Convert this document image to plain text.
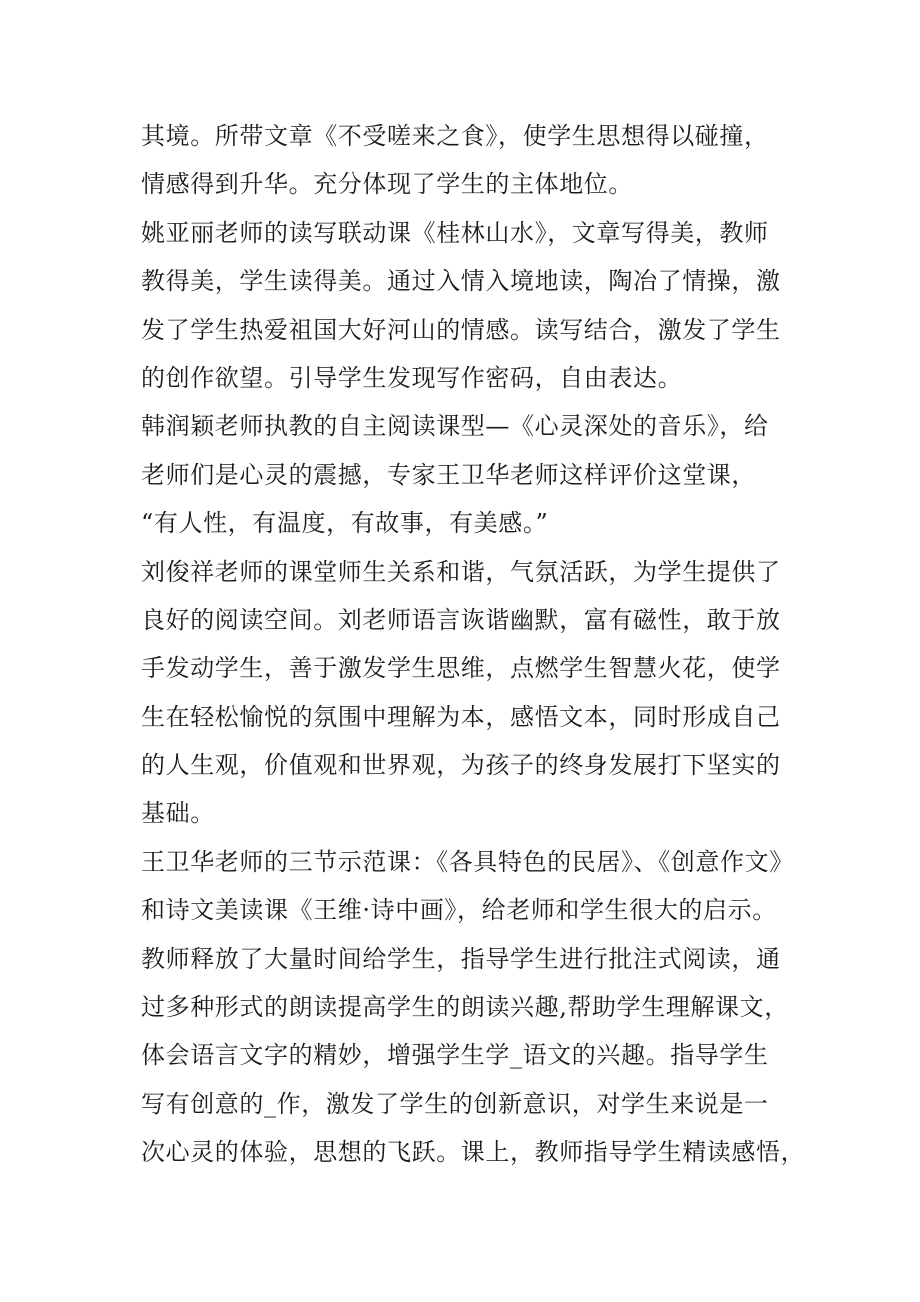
其境。所带文章《不受嗟来之食》，使学生思想得以碰撞，
情感得到升华。充分体现了学生的主体地位。
姚亚丽老师的读写联动课《桂林山水》，文章写得美，教师
教得美，学生读得美。通过入情入境地读，陶冶了情操，激
发了学生热爱祖国大好河山的情感。读写结合，激发了学生
的创作欲望。引导学生发现写作密码，自由表达。
韩润颖老师执教的自主阅读课型—《心灵深处的音乐》，给
老师们是心灵的震撼，专家王卫华老师这样评价这堂课，
“有人性，有温度，有故事，有美感。”
刘俊祥老师的课堂师生关系和谐，气氛活跃，为学生提供了
良好的阅读空间。刘老师语言诙谐幽默，富有磁性，敢于放
手发动学生，善于激发学生思维，点燃学生智慧火花，使学
生在轻松愉悦的氛围中理解为本，感悟文本，同时形成自己
的人生观，价值观和世界观，为孩子的终身发展打下坚实的
基础。
王卫华老师的三节示范课：《各具特色的民居》、《创意作文》
和诗文美读课《王维·诗中画》，给老师和学生很大的启示。
教师释放了大量时间给学生，指导学生进行批注式阅读，通
过多种形式的朗读提高学生的朗读兴趣,帮助学生理解课文，
体会语言文字的精妙，增强学生学_语文的兴趣。指导学生
写有创意的_作，激发了学生的创新意识，对学生来说是一
次心灵的体验，思想的飞跃。课上，教师指导学生精读感悟，
